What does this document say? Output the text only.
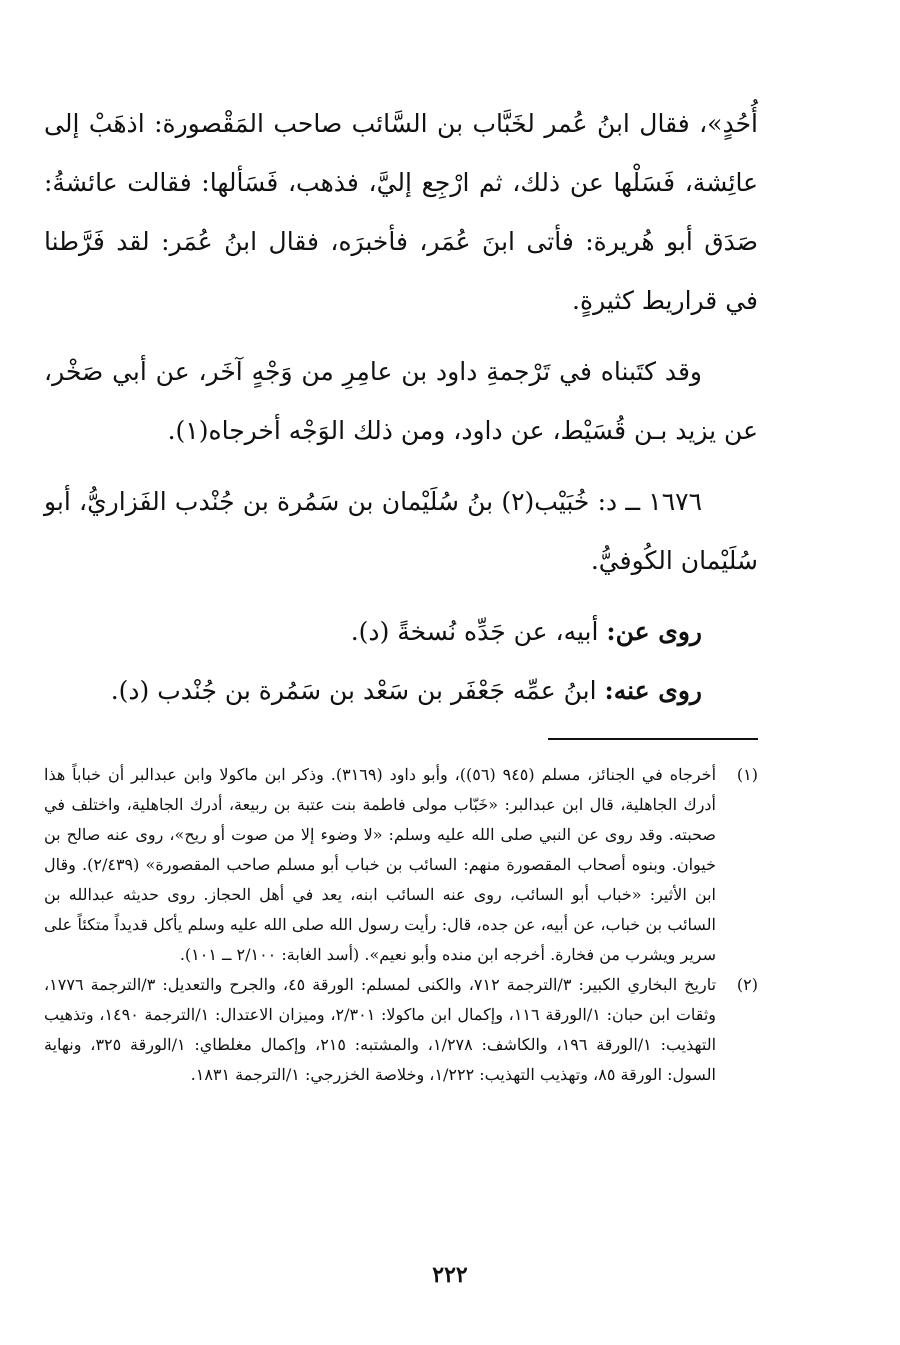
أُحُدٍ»، فقال ابنُ عُمر لخَبَّاب بن السَّائب صاحب المَقْصورة: اذهَبْ إلى عائِشة، فَسَلْها عن ذلك، ثم ارْجِع إليَّ، فذهب، فَسَألها: فقالت عائشةُ: صَدَق أبو هُريرة: فأتى ابنَ عُمَر، فأخبرَه، فقال ابنُ عُمَر: لقد فَرَّطنا في قراريط كثيرةٍ.

وقد كتَبناه في تَرْجمةِ داود بن عامِرِ من وَجْهٍ آخَر، عن أبي صَخْر، عن يزيد بـن قُسَيْط، عن داود، ومن ذلك الوَجْه أخرجاه(١).

١٦٧٦ ــ د: خُبَيْب(٢) بنُ سُلَيْمان بن سَمُرة بن جُنْدب الفَزاريُّ، أبو سُلَيْمان الكُوفيُّ.

روى عن: أبيه، عن جَدِّه نُسخةً (د).

روى عنه: ابنُ عمِّه جَعْفَر بن سَعْد بن سَمُرة بن جُنْدب (د).

(١)
أخرجاه في الجنائز، مسلم (٩٤٥ (٥٦))، وأبو داود (٣١٦٩). وذكر ابن ماكولا وابن عبدالبر أن خباباً هذا أدرك الجاهلية، قال ابن عبدالبر: «خَبّاب مولى فاطمة بنت عتبة بن ربيعة، أدرك الجاهلية، واختلف في صحبته. وقد روى عن النبي صلى الله عليه وسلم: «لا وضوء إلا من صوت أو ريح»، روى عنه صالح بن خيوان. وبنوه أصحاب المقصورة منهم: السائب بن خباب أبو مسلم صاحب المقصورة» (٢/٤٣٩). وقال ابن الأثير: «خباب أبو السائب، روى عنه السائب ابنه، يعد في أهل الحجاز. روى حديثه عبدالله بن السائب بن خباب، عن أبيه، عن جده، قال: رأيت رسول الله صلى الله عليه وسلم يأكل قديداً متكئاً على سرير ويشرب من فخارة. أخرجه ابن منده وأبو نعيم». (أسد الغابة: ٢/١٠٠ ــ ١٠١).
(٢)
تاريخ البخاري الكبير: ٣/الترجمة ٧١٢، والكنى لمسلم: الورقة ٤٥، والجرح والتعديل: ٣/الترجمة ١٧٧٦، وثقات ابن حبان: ١/الورقة ١١٦، وإكمال ابن ماكولا: ٢/٣٠١، وميزان الاعتدال: ١/الترجمة ١٤٩٠، وتذهيب التهذيب: ١/الورقة ١٩٦، والكاشف: ١/٢٧٨، والمشتبه: ٢١٥، وإكمال مغلطاي: ١/الورقة ٣٢٥، ونهاية السول: الورقة ٨٥، وتهذيب التهذيب: ١/٢٢٢، وخلاصة الخزرجي: ١/الترجمة ١٨٣١.
٢٢٢
